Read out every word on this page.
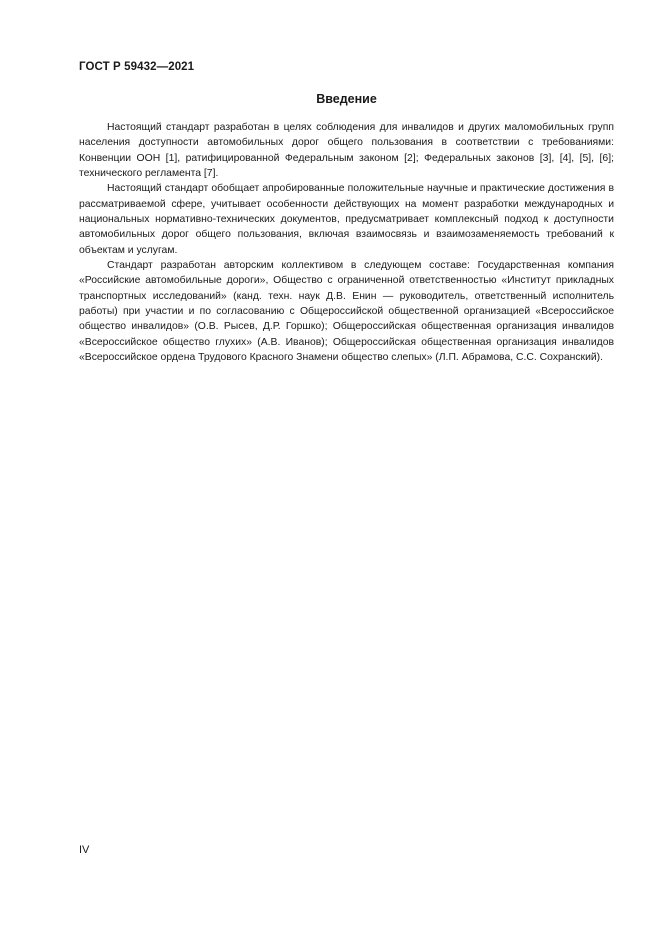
ГОСТ Р 59432—2021
Введение

Настоящий стандарт разработан в целях соблюдения для инвалидов и других маломобильных групп населения доступности автомобильных дорог общего пользования в соответствии с требованиями: Конвенции ООН [1], ратифицированной Федеральным законом [2]; Федеральных законов [3], [4], [5], [6]; технического регламента [7].

Настоящий стандарт обобщает апробированные положительные научные и практические достижения в рассматриваемой сфере, учитывает особенности действующих на момент разработки международных и национальных нормативно-технических документов, предусматривает комплексный подход к доступности автомобильных дорог общего пользования, включая взаимосвязь и взаимозаменяемость требований к объектам и услугам.

Стандарт разработан авторским коллективом в следующем составе: Государственная компания «Российские автомобильные дороги», Общество с ограниченной ответственностью «Институт прикладных транспортных исследований» (канд. техн. наук Д.В. Енин — руководитель, ответственный исполнитель работы) при участии и по согласованию с Общероссийской общественной организацией «Всероссийское общество инвалидов» (О.В. Рысев, Д.Р. Горшко); Общероссийская общественная организация инвалидов «Всероссийское общество глухих» (А.В. Иванов); Общероссийская общественная организация инвалидов «Всероссийское ордена Трудового Красного Знамени общество слепых» (Л.П. Абрамова, С.С. Сохранский).

IV
